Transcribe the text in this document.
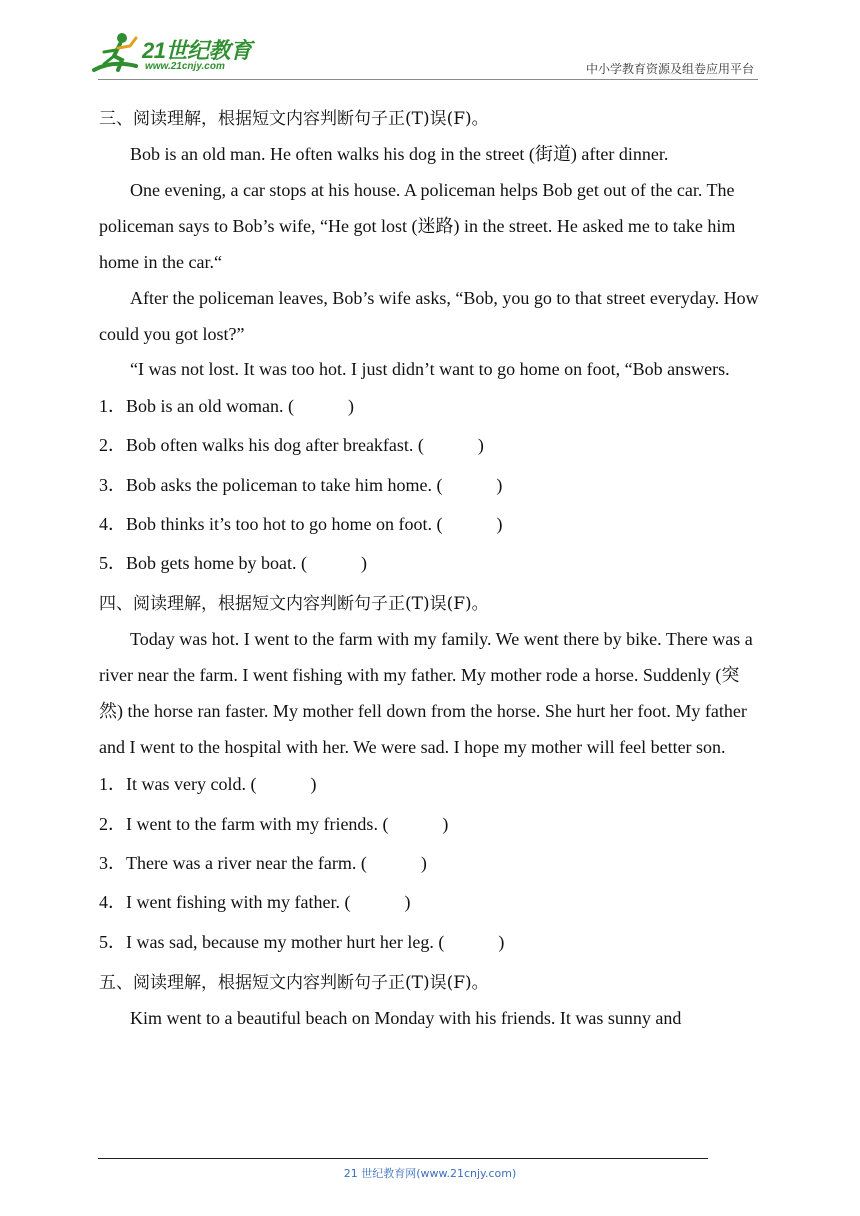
21世纪教育
www.21cnjy.com	中小学教育资源及组卷应用平台
三、阅读理解，根据短文内容判断句子正(T)误(F)。
Bob is an old man. He often walks his dog in the street (街道) after dinner.
One evening, a car stops at his house. A policeman helps Bob get out of the car. The policeman says to Bob’s wife, “He got lost (迷路) in the street. He asked me to take him home in the car.“
After the policeman leaves, Bob’s wife asks, “Bob, you go to that street everyday. How could you got lost?”
“I was not lost. It was too hot. I just didn’t want to go home on foot, “Bob answers.
1．Bob is an old woman. (            )
2．Bob often walks his dog after breakfast. (            )
3．Bob asks the policeman to take him home. (            )
4．Bob thinks it’s too hot to go home on foot. (            )
5．Bob gets home by boat. (            )
四、阅读理解，根据短文内容判断句子正(T)误(F)。
Today was hot. I went to the farm with my family. We went there by bike. There was a river near the farm. I went fishing with my father. My mother rode a horse. Suddenly (突然) the horse ran faster. My mother fell down from the horse. She hurt her foot. My father and I went to the hospital with her. We were sad. I hope my mother will feel better son.
1．It was very cold. (            )
2．I went to the farm with my friends. (            )
3．There was a river near the farm. (            )
4．I went fishing with my father. (            )
5．I was sad, because my mother hurt her leg. (            )
五、阅读理解，根据短文内容判断句子正(T)误(F)。
Kim went to a beautiful beach on Monday with his friends. It was sunny and
21 世纪教育网(www.21cnjy.com)
